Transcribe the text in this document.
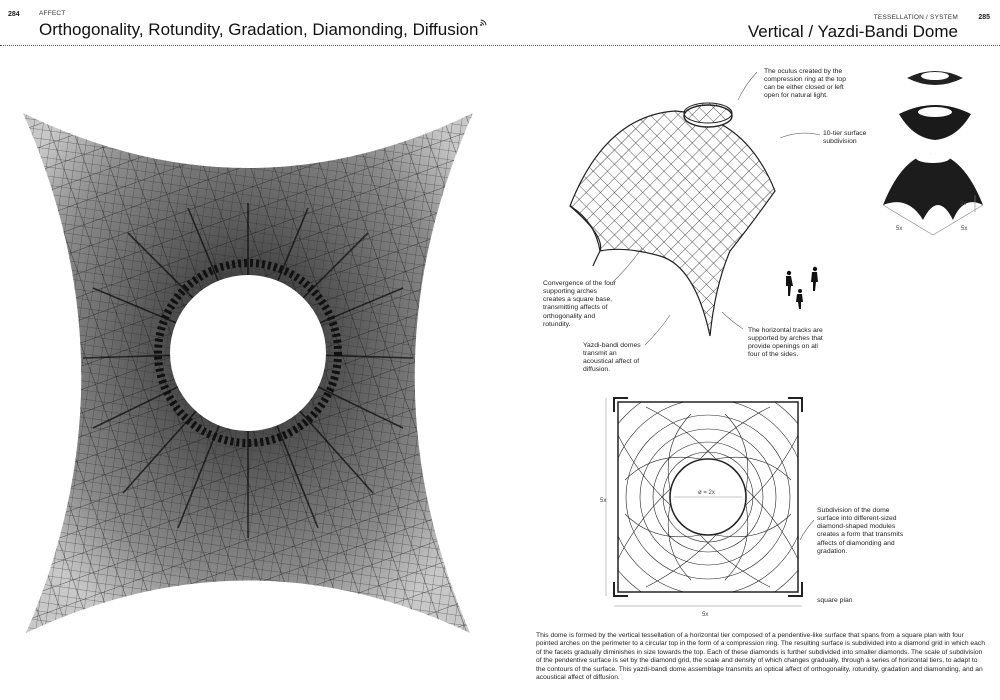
284	AFFECT
Orthogonality, Rotundity, Gradation, Diamonding, Diffusion
TESSELLATION / SYSTEM
Vertical / Yazdi-Bandi Dome
285
2x
5x	5x
ø = 2x
5x
5x
The oculus created by the compression ring at the top can be either closed or left open for natural light.
10-tier surface subdivision
Convergence of the four supporting arches creates a square base, transmitting affects of orthogonality and rotundity.
Yazdi-bandi domes transmit an acoustical affect of diffusion.
The horizontal tracks are supported by arches that provide openings on all four of the sides.
Subdivision of the dome surface into different-sized diamond-shaped modules creates a form that transmits affects of diamonding and gradation.
square plan
This dome is formed by the vertical tessellation of a horizontal tier composed of a pendentive-like surface that spans from a square plan with four pointed arches on the perimeter to a circular top in the form of a compression ring. The resulting surface is subdivided into a diamond grid in which each of the facets gradually diminishes in size towards the top. Each of these diamonds is further subdivided into smaller diamonds. The scale of subdivision of the pendentive surface is set by the diamond grid, the scale and density of which changes gradually, through a series of horizontal tiers, to adapt to the contours of the surface. This yazdi-bandi dome assemblage transmits an optical affect of orthogonality, rotundity, gradation and diamonding, and an acoustical affect of diffusion.
